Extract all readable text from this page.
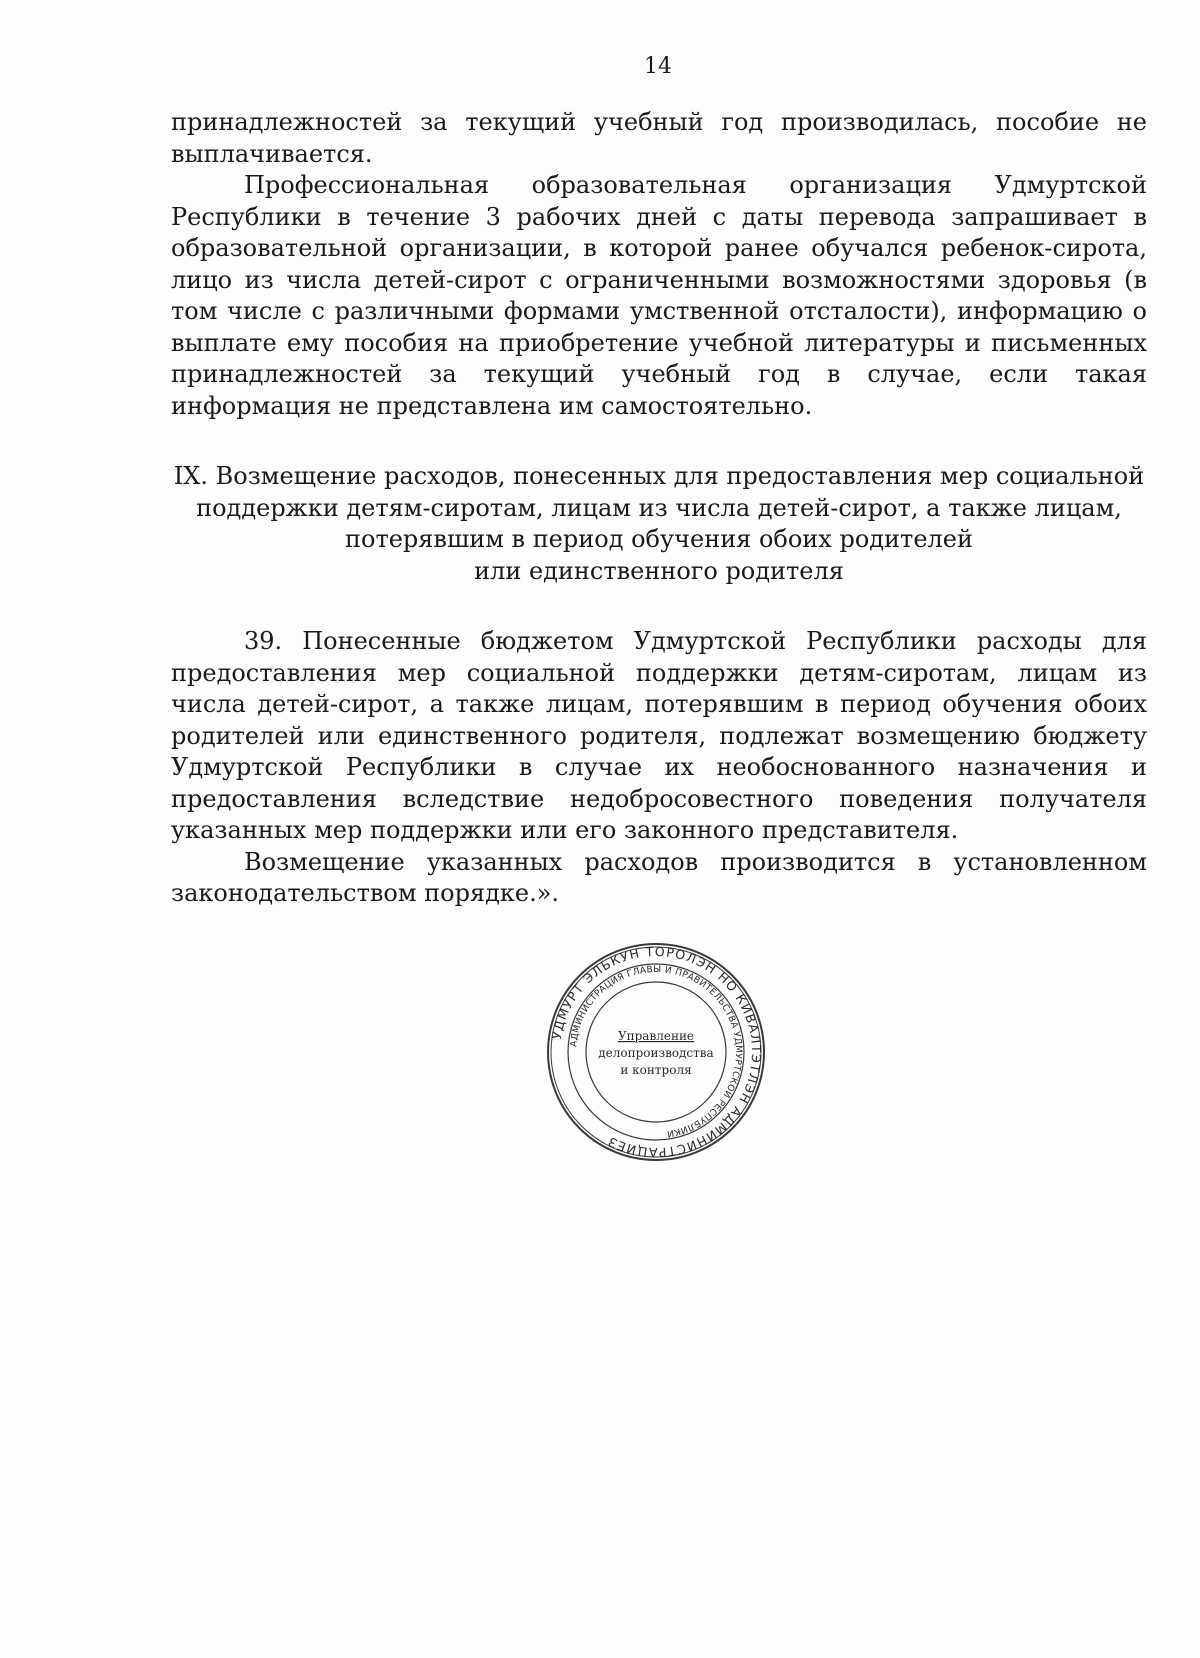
14

принадлежностей за текущий учебный год производилась, пособие не выплачивается.

Профессиональная образовательная организация Удмуртской Республики в течение 3 рабочих дней с даты перевода запрашивает в образовательной организации, в которой ранее обучался ребенок-сирота, лицо из числа детей-сирот с ограниченными возможностями здоровья (в том числе с различными формами умственной отсталости), информацию о выплате ему пособия на приобретение учебной литературы и письменных принадлежностей за текущий учебный год в случае, если такая информация не представлена им самостоятельно.

IX. Возмещение расходов, понесенных для предоставления мер социальной
поддержки детям-сиротам, лицам из числа детей-сирот, а также лицам,
потерявшим в период обучения обоих родителей
или единственного родителя

39. Понесенные бюджетом Удмуртской Республики расходы для предоставления мер социальной поддержки детям-сиротам, лицам из числа детей-сирот, а также лицам, потерявшим в период обучения обоих родителей или единственного родителя, подлежат возмещению бюджету Удмуртской Республики в случае их необоснованного назначения и предоставления вследствие недобросовестного поведения получателя указанных мер поддержки или его законного представителя.

Возмещение указанных расходов производится в установленном законодательством порядке.».

УДМУРТ ЭЛЬКУН ТОРОЛЭН НО КИВАЛТЭТЛЭН АДМИНИСТРАЦИЕЗ
АДМИНИСТРАЦИЯ ГЛАВЫ И ПРАВИТЕЛЬСТВА УДМУРТСКОЙ РЕСПУБЛИКИ
Управление
делопроизводства
и контроля
